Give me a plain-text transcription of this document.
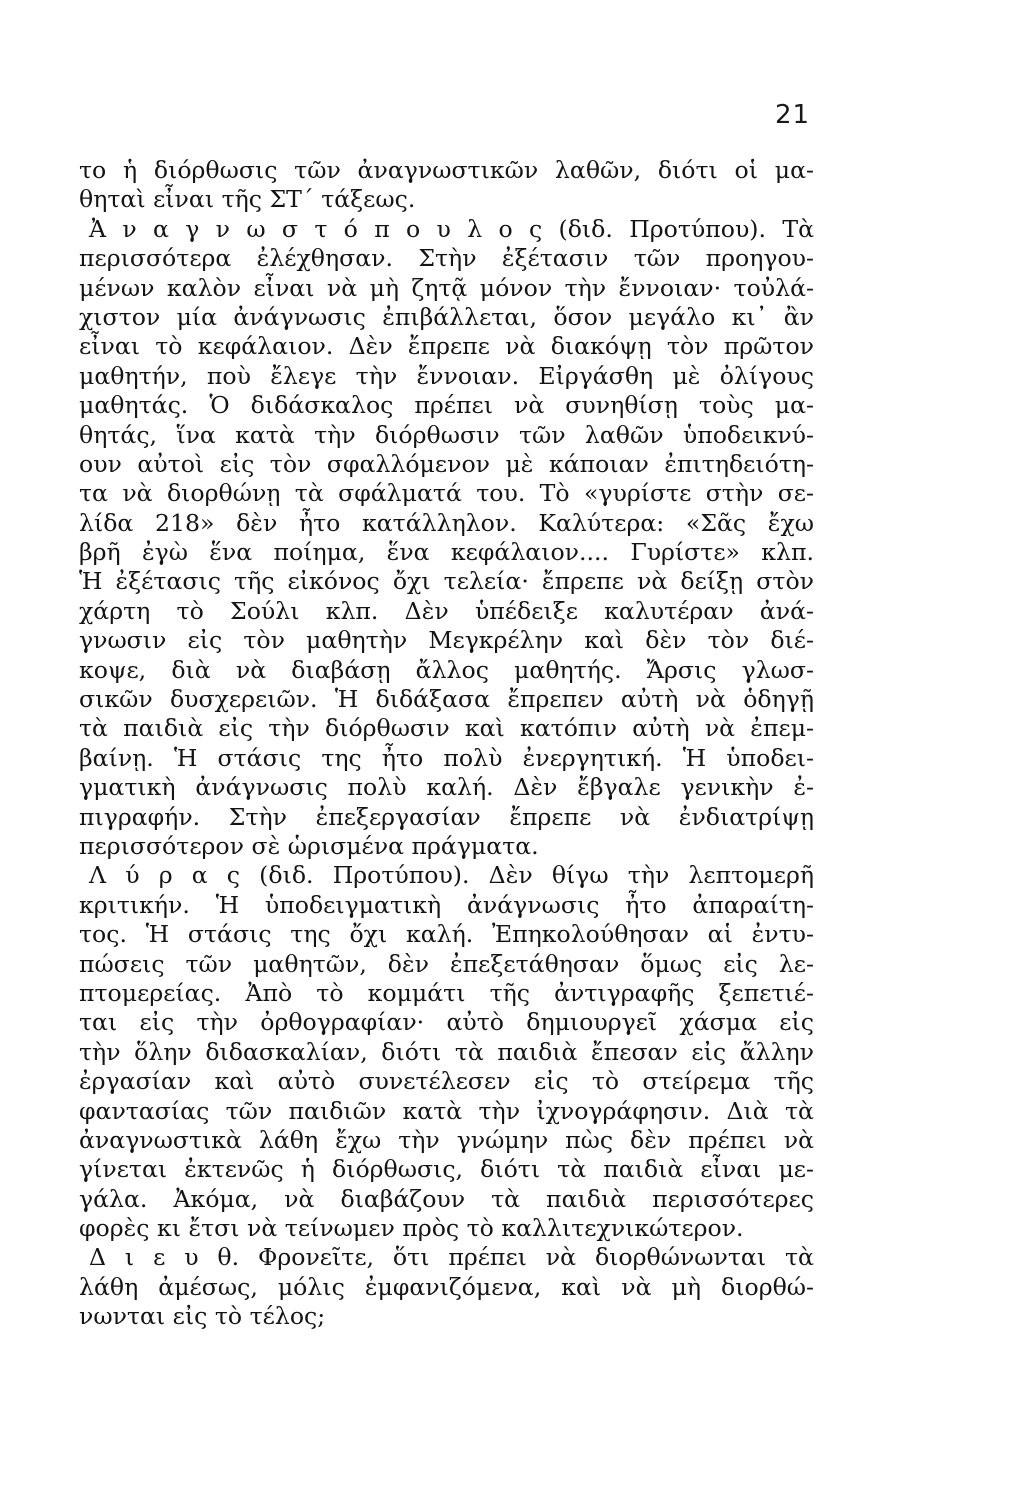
21
το ἡ διόρθωσις τῶν ἀναγνωστικῶν λαθῶν, διότι οἱ μα-
θηταὶ εἶναι τῆς ΣΤ΄ τάξεως.
Ἀ ν α γ ν ω σ τ ό π ο υ λ ο ς (διδ. Προτύπου). Τὰ
περισσότερα ἐλέχθησαν. Στὴν ἐξέτασιν τῶν προηγου-
μένων καλὸν εἶναι νὰ μὴ ζητᾷ μόνον τὴν ἔννοιαν· τοὐλά-
χιστον μία ἀνάγνωσις ἐπιβάλλεται, ὅσον μεγάλο κι᾽ ἂν
εἶναι τὸ κεφάλαιον. Δὲν ἔπρεπε νὰ διακόψῃ τὸν πρῶτον
μαθητήν, ποὺ ἔλεγε τὴν ἔννοιαν. Εἰργάσθη μὲ ὀλίγους
μαθητάς. Ὁ διδάσκαλος πρέπει νὰ συνηθίσῃ τοὺς μα-
θητάς, ἵνα κατὰ τὴν διόρθωσιν τῶν λαθῶν ὑποδεικνύ-
ουν αὐτοὶ εἰς τὸν σφαλλόμενον μὲ κάποιαν ἐπιτηδειότη-
τα νὰ διορθώνῃ τὰ σφάλματά του. Τὸ «γυρίστε στὴν σε-
λίδα 218» δὲν ἦτο κατάλληλον. Καλύτερα: «Σᾶς ἔχω
βρῆ ἐγὼ ἕνα ποίημα, ἕνα κεφάλαιον.... Γυρίστε» κλπ.
Ἡ ἐξέτασις τῆς εἰκόνος ὄχι τελεία· ἔπρεπε νὰ δείξῃ στὸν
χάρτη τὸ Σούλι κλπ. Δὲν ὑπέδειξε καλυτέραν ἀνά-
γνωσιν εἰς τὸν μαθητὴν Μεγκρέλην καὶ δὲν τὸν διέ-
κοψε, διὰ νὰ διαβάσῃ ἄλλος μαθητής. Ἄρσις γλωσ-
σικῶν δυσχερειῶν. Ἡ διδάξασα ἔπρεπεν αὐτὴ νὰ ὁδηγῇ
τὰ παιδιὰ εἰς τὴν διόρθωσιν καὶ κατόπιν αὐτὴ νὰ ἐπεμ-
βαίνῃ. Ἡ στάσις της ἦτο πολὺ ἐνεργητική. Ἡ ὑποδει-
γματικὴ ἀνάγνωσις πολὺ καλή. Δὲν ἔβγαλε γενικὴν ἐ-
πιγραφήν. Στὴν ἐπεξεργασίαν ἔπρεπε νὰ ἐνδιατρίψῃ
περισσότερον σὲ ὡρισμένα πράγματα.
Λ ύ ρ α ς (διδ. Προτύπου). Δὲν θίγω τὴν λεπτομερῆ
κριτικήν. Ἡ ὑποδειγματικὴ ἀνάγνωσις ἦτο ἀπαραίτη-
τος. Ἡ στάσις της ὄχι καλή. Ἐπηκολούθησαν αἱ ἐντυ-
πώσεις τῶν μαθητῶν, δὲν ἐπεξετάθησαν ὅμως εἰς λε-
πτομερείας. Ἀπὸ τὸ κομμάτι τῆς ἀντιγραφῆς ξεπετιέ-
ται εἰς τὴν ὀρθογραφίαν· αὐτὸ δημιουργεῖ χάσμα εἰς
τὴν ὅλην διδασκαλίαν, διότι τὰ παιδιὰ ἔπεσαν εἰς ἄλλην
ἐργασίαν καὶ αὐτὸ συνετέλεσεν εἰς τὸ στείρεμα τῆς
φαντασίας τῶν παιδιῶν κατὰ τὴν ἰχνογράφησιν. Διὰ τὰ
ἀναγνωστικὰ λάθη ἔχω τὴν γνώμην πὼς δὲν πρέπει νὰ
γίνεται ἐκτενῶς ἡ διόρθωσις, διότι τὰ παιδιὰ εἶναι με-
γάλα. Ἀκόμα, νὰ διαβάζουν τὰ παιδιὰ περισσότερες
φορὲς κι ἔτσι νὰ τείνωμεν πρὸς τὸ καλλιτεχνικώτερον.
Δ ι ε υ θ. Φρονεῖτε, ὅτι πρέπει νὰ διορθώνωνται τὰ
λάθη ἀμέσως, μόλις ἐμφανιζόμενα, καὶ νὰ μὴ διορθώ-
νωνται εἰς τὸ τέλος;
